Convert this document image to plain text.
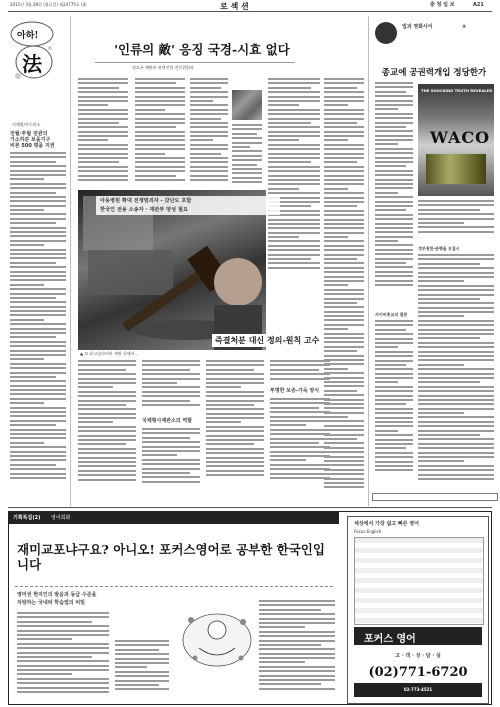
2011년 3월 28일 (월요일) 제24775호 (4)	로 섹 션	충 청 일 보	A21
아하!
法
이채원/사무관소
전월·투월 전관의
가소하분 보을기구
비론 500 평을 지권
'인류의 敵' 응징 국경-시효 없다
권오곤 재판관 유엔전범 전문위원과
아동병원 확대 전쟁범죄자 - 갖단도 포함
한국인 전용 소송자 · 재판부 양성 필요
▲ 꼬 유고슬라비아 재판 등에서…
즉결처분 대신 정의-원칙 고수
국제형사재판소의 역할
투명한 보증-가독 양식
법과 영화사이	⑤
종교에 공권력개입 정당한가
사이비종교의 결론
THE SHOCKING TRUTH REVEALED
WACO
정부권한·관행을 모집시
기획특집(2) 영어회화
재미교포냐구요? 아니오! 포커스영어로 공부한 한국인입니다
영미권 현지인의 발음과 동급 수준을
자랑하는 국내파 학습법의 비밀
세상에서 가장 쉽고 빠른 영어
Focus English
포커스 영어
고 · 객 · 상 · 담 · 실
(02)771-6720
02-773-4521
